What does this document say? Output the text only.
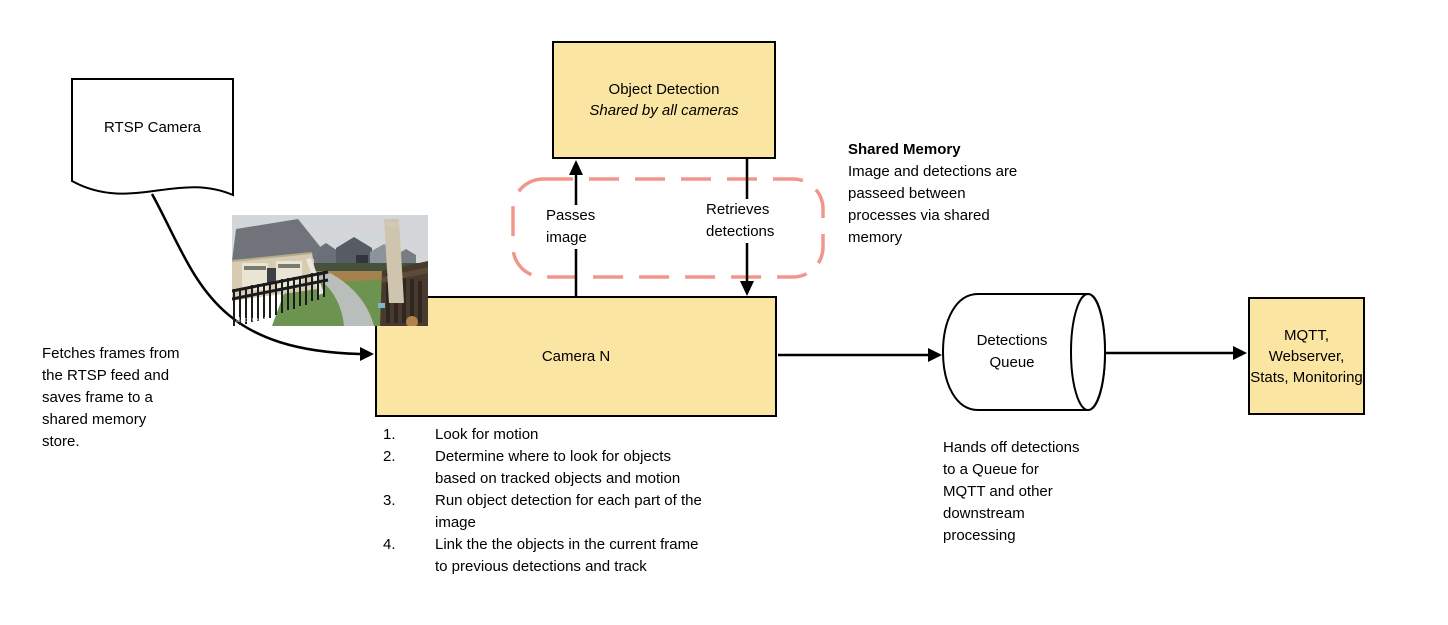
Object Detection
Shared by all cameras
Camera N
MQTT, Webserver,
Stats, Monitoring
RTSP Camera
Detections
Queue
Passes
image
Retrieves
detections
Fetches frames from
the RTSP feed and
saves frame to a
shared memory
store.
Shared Memory
Image and detections are
passeed between
processes via shared
memory
Hands off detections
to a Queue for
MQTT and other
downstream
processing
1.	Look for motion
2.	Determine where to look for objects
based on tracked objects and motion
3.	Run object detection for each part of the
image
4.	Link the the objects in the current frame
to previous detections and track
2019-03-06 09:00
Backyard
